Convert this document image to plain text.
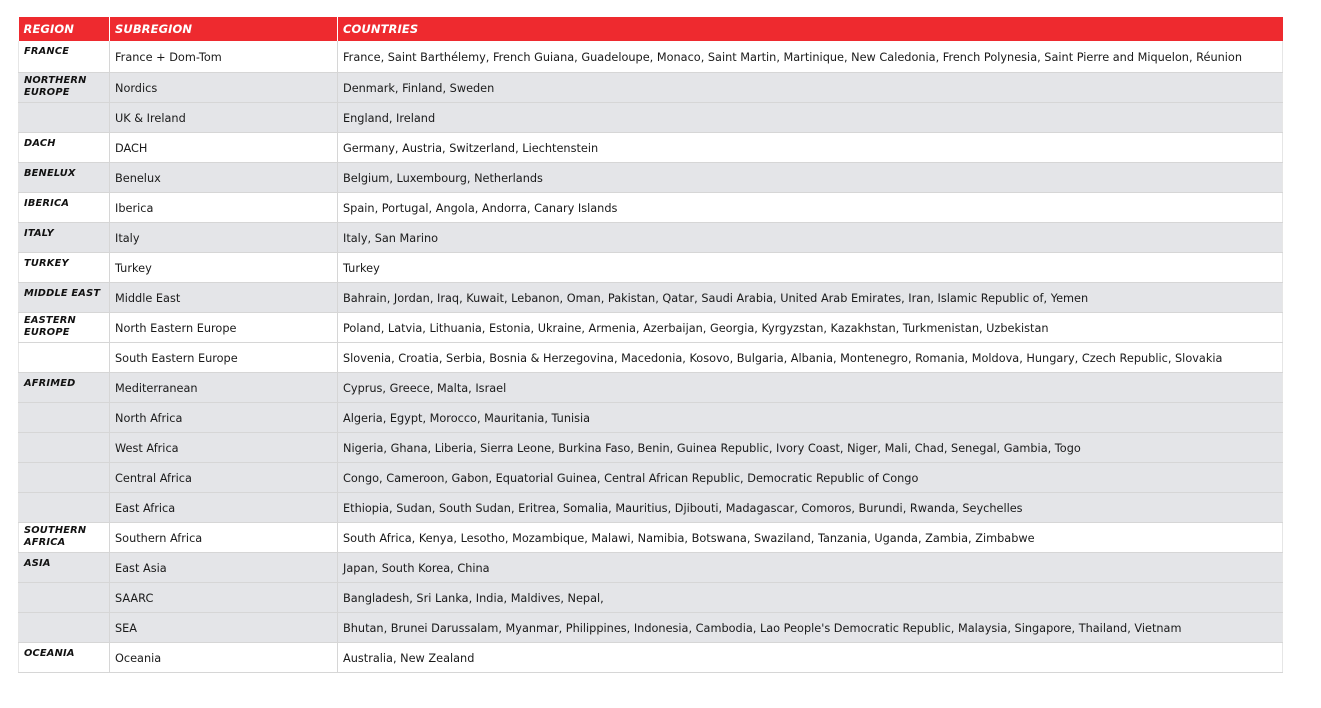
REGION	SUBREGION	COUNTRIES
FRANCE	France + Dom-Tom	France, Saint Barthélemy, French Guiana, Guadeloupe, Monaco, Saint Martin, Martinique, New Caledonia, French Polynesia, Saint Pierre and Miquelon, Réunion
NORTHERN EUROPE	Nordics	Denmark, Finland, Sweden
	UK & Ireland	England, Ireland
DACH	DACH	Germany, Austria, Switzerland, Liechtenstein
BENELUX	Benelux	Belgium, Luxembourg, Netherlands
IBERICA	Iberica	Spain, Portugal, Angola, Andorra, Canary Islands
ITALY	Italy	Italy, San Marino
TURKEY	Turkey	Turkey
MIDDLE EAST	Middle East	Bahrain, Jordan, Iraq, Kuwait, Lebanon, Oman, Pakistan, Qatar, Saudi Arabia, United Arab Emirates, Iran, Islamic Republic of, Yemen
EASTERN EUROPE	North Eastern Europe	Poland, Latvia, Lithuania, Estonia, Ukraine, Armenia, Azerbaijan, Georgia, Kyrgyzstan, Kazakhstan, Turkmenistan, Uzbekistan
	South Eastern Europe	Slovenia, Croatia, Serbia, Bosnia & Herzegovina, Macedonia, Kosovo, Bulgaria, Albania, Montenegro, Romania, Moldova, Hungary, Czech Republic, Slovakia
AFRIMED	Mediterranean	Cyprus, Greece, Malta, Israel
	North Africa	Algeria, Egypt, Morocco, Mauritania, Tunisia
	West Africa	Nigeria, Ghana, Liberia, Sierra Leone, Burkina Faso, Benin, Guinea Republic, Ivory Coast, Niger, Mali, Chad, Senegal, Gambia, Togo
	Central Africa	Congo, Cameroon, Gabon, Equatorial Guinea, Central African Republic, Democratic Republic of Congo
	East Africa	Ethiopia, Sudan, South Sudan, Eritrea, Somalia, Mauritius, Djibouti, Madagascar, Comoros, Burundi, Rwanda, Seychelles
SOUTHERN AFRICA	Southern Africa	South Africa, Kenya, Lesotho, Mozambique, Malawi, Namibia, Botswana, Swaziland, Tanzania, Uganda, Zambia, Zimbabwe
ASIA	East Asia	Japan, South Korea, China
	SAARC	Bangladesh, Sri Lanka, India, Maldives, Nepal,
	SEA	Bhutan, Brunei Darussalam, Myanmar, Philippines, Indonesia, Cambodia, Lao People's Democratic Republic, Malaysia, Singapore, Thailand, Vietnam
OCEANIA	Oceania	Australia, New Zealand
